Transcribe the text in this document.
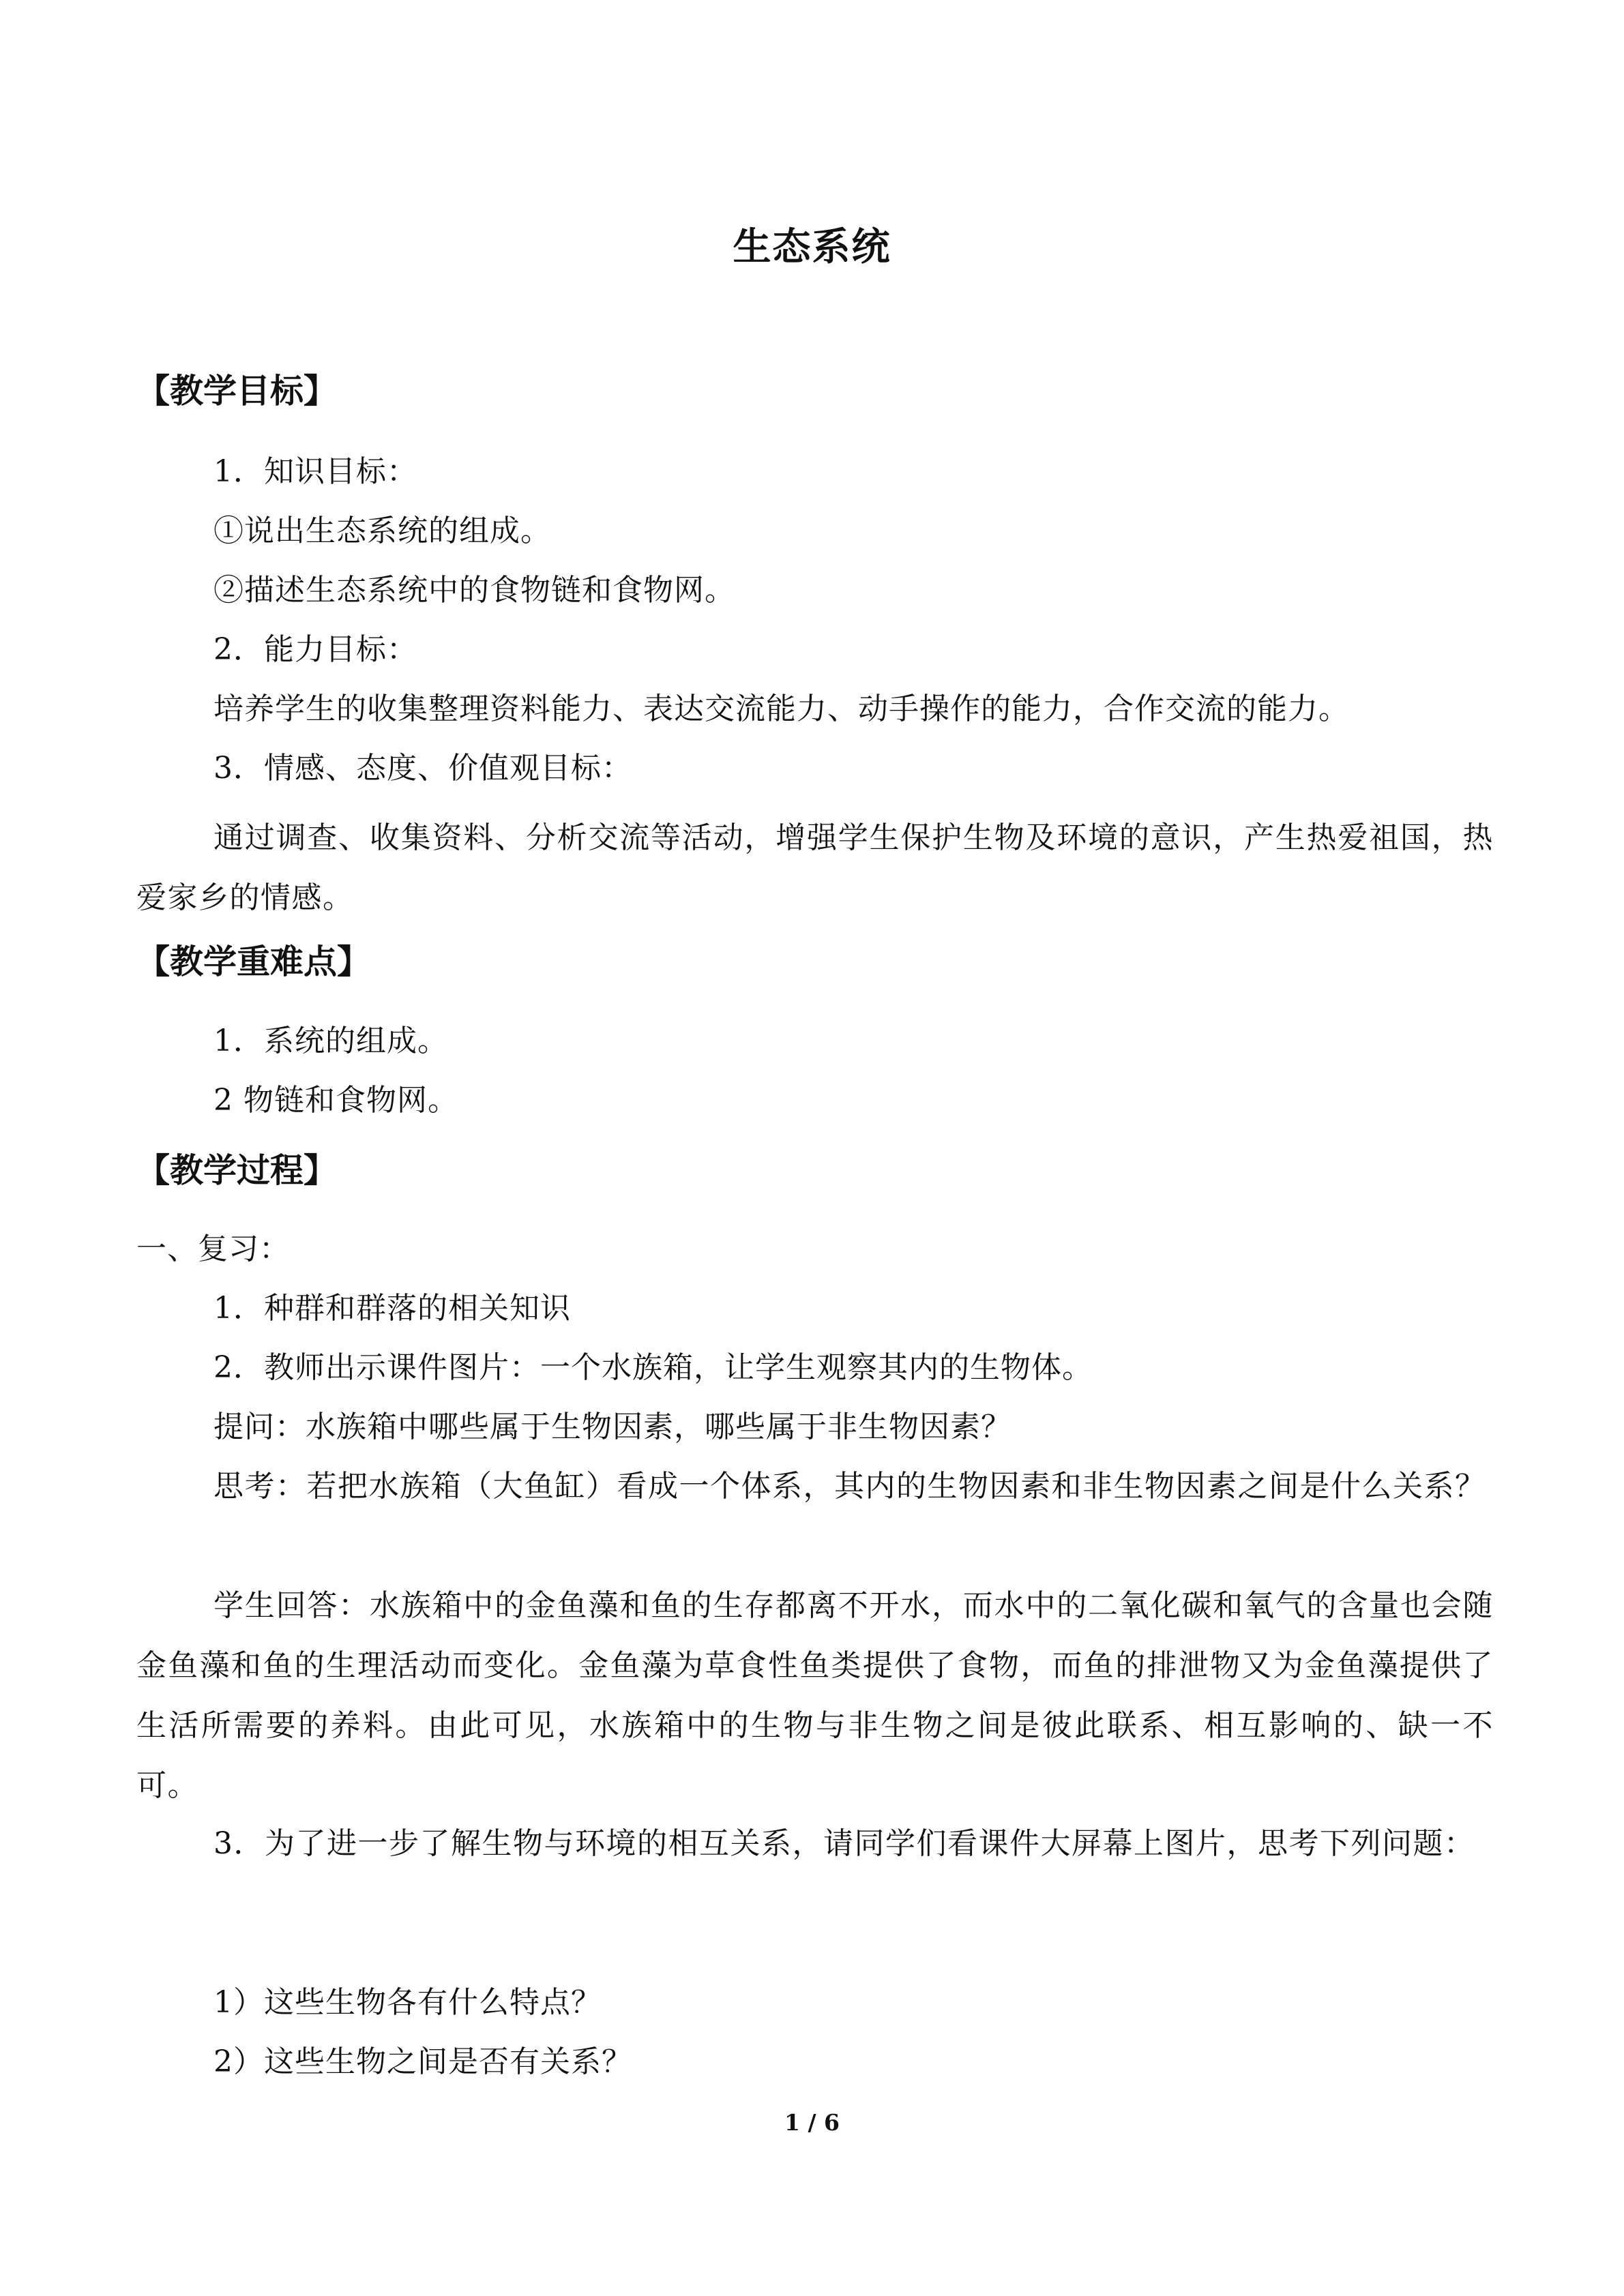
生态系统
【教学目标】
1．知识目标：
①说出生态系统的组成。
②描述生态系统中的食物链和食物网。
2．能力目标：
培养学生的收集整理资料能力、表达交流能力、动手操作的能力，合作交流的能力。
3．情感、态度、价值观目标：
通过调查、收集资料、分析交流等活动，增强学生保护生物及环境的意识，产生热爱祖国，热爱家乡的情感。
【教学重难点】
1．系统的组成。
2 物链和食物网。
【教学过程】
一、复习：
1．种群和群落的相关知识
2．教师出示课件图片：一个水族箱，让学生观察其内的生物体。
提问：水族箱中哪些属于生物因素，哪些属于非生物因素？
思考：若把水族箱（大鱼缸）看成一个体系，其内的生物因素和非生物因素之间是什么关系？
学生回答：水族箱中的金鱼藻和鱼的生存都离不开水，而水中的二氧化碳和氧气的含量也会随金鱼藻和鱼的生理活动而变化。金鱼藻为草食性鱼类提供了食物，而鱼的排泄物又为金鱼藻提供了生活所需要的养料。由此可见，水族箱中的生物与非生物之间是彼此联系、相互影响的、缺一不可。
3．为了进一步了解生物与环境的相互关系，请同学们看课件大屏幕上图片，思考下列问题：
1）这些生物各有什么特点？
2）这些生物之间是否有关系？
1 / 6
